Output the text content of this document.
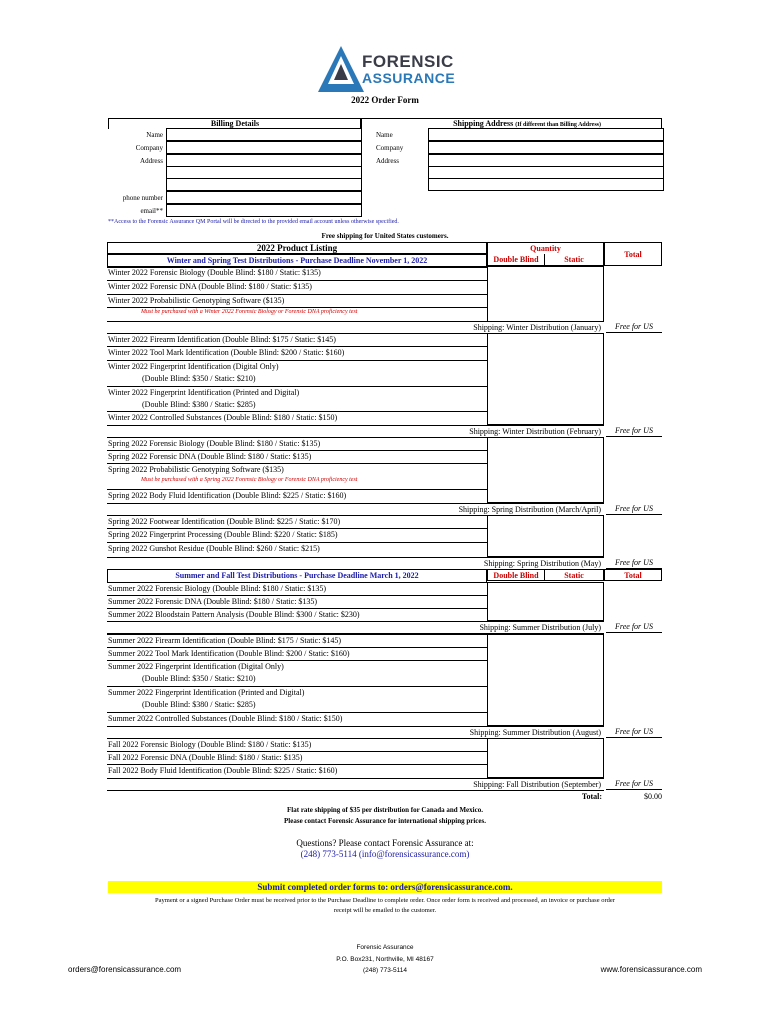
FORENSIC
ASSURANCE
2022 Order Form
Billing Details	Shipping Address (If different than Billing Address)
Name
Company
Address
phone number
email**
Name
Company
Address
**Access to the Forensic Assurance QM Portal will be directed to the provided email account unless otherwise specified.
Free shipping for United States customers.
2022 Product Listing
Winter and Spring Test Distributions - Purchase Deadline November 1, 2022
Quantity
Double Blind	Static
Total
Winter 2022 Forensic Biology (Double Blind: $180 / Static: $135)
Winter 2022 Forensic DNA (Double Blind: $180 / Static: $135)
Winter 2022 Probabilistic Genotyping Software ($135)
Must be purchased with a Winter 2022 Forensic Biology or Forensic DNA proficiency test
Shipping: Winter Distribution (January)	Free for US
Winter 2022 Firearm Identification (Double Blind: $175 / Static: $145)
Winter 2022 Tool Mark Identification (Double Blind: $200 / Static: $160)
Winter 2022 Fingerprint Identification (Digital Only)
(Double Blind: $350 / Static: $210)
Winter 2022 Fingerprint Identification (Printed and Digital)
(Double Blind: $380 / Static: $285)
Winter 2022 Controlled Substances (Double Blind: $180 / Static: $150)
Shipping: Winter Distribution (February)	Free for US
Spring 2022 Forensic Biology (Double Blind: $180 / Static: $135)
Spring 2022 Forensic DNA (Double Blind: $180 / Static: $135)
Spring 2022 Probabilistic Genotyping Software ($135)
Must be purchased with a Spring 2022 Forensic Biology or Forensic DNA proficiency test
Spring 2022 Body Fluid Identification (Double Blind: $225 / Static: $160)
Shipping: Spring Distribution (March/April)	Free for US
Spring 2022 Footwear Identification (Double Blind: $225 / Static: $170)
Spring 2022 Fingerprint Processing (Double Blind: $220 / Static: $185)
Spring 2022 Gunshot Residue (Double Blind: $260 / Static: $215)
Shipping: Spring Distribution (May)	Free for US
Summer and Fall Test Distributions - Purchase Deadline March 1, 2022	Double Blind	Static	Total
Summer 2022 Forensic Biology (Double Blind: $180 / Static: $135)
Summer 2022 Forensic DNA (Double Blind: $180 / Static: $135)
Summer 2022 Bloodstain Pattern Analysis (Double Blind: $300 / Static: $230)
Shipping: Summer Distribution (July)	Free for US
Summer 2022 Firearm Identification (Double Blind: $175 / Static: $145)
Summer 2022 Tool Mark Identification (Double Blind: $200 / Static: $160)
Summer 2022 Fingerprint Identification (Digital Only)
(Double Blind: $350 / Static: $210)
Summer 2022 Fingerprint Identification (Printed and Digital)
(Double Blind: $380 / Static: $285)
Summer 2022 Controlled Substances (Double Blind: $180 / Static: $150)
Shipping: Summer Distribution (August)	Free for US
Fall 2022 Forensic Biology (Double Blind: $180 / Static: $135)
Fall 2022 Forensic DNA (Double Blind: $180 / Static: $135)
Fall 2022 Body Fluid Identification (Double Blind: $225 / Static: $160)
Shipping: Fall Distribution (September)	Free for US
Total:	$0.00
Flat rate shipping of $35 per distribution for Canada and Mexico.
Please contact Forensic Assurance for international shipping prices.
Questions? Please contact Forensic Assurance at:
(248) 773-5114 (info@forensicassurance.com)
Submit completed order forms to: orders@forensicassurance.com.
Payment or a signed Purchase Order must be received prior to the Purchase Deadline to complete order. Once order form is received and processed, an invoice or purchase order
receipt will be emailed to the customer.
Forensic Assurance
P.O. Box231, Northville, MI 48167
(248) 773-5114
orders@forensicassurance.com	www.forensicassurance.com
